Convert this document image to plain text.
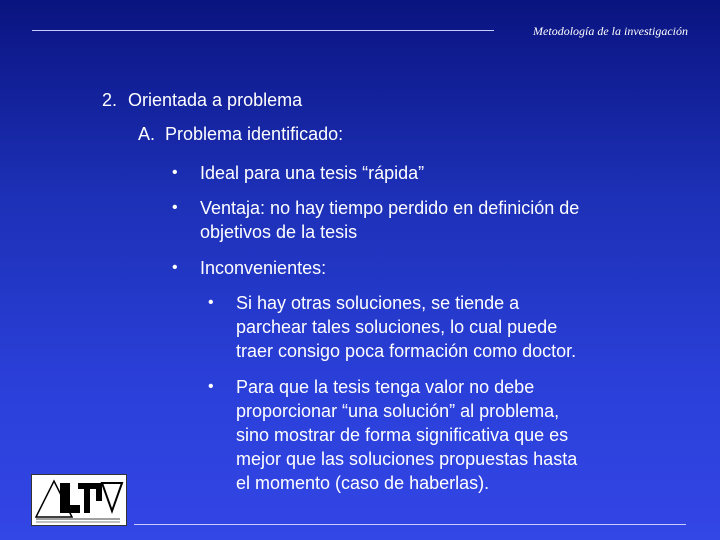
Metodología de la investigación
2. Orientada a problema
A. Problema identificado:
• Ideal para una tesis “rápida”
• Ventaja: no hay tiempo perdido en definición de
objetivos de la tesis
• Inconvenientes:
• Si hay otras soluciones, se tiende a
parchear tales soluciones, lo cual puede
traer consigo poca formación como doctor.
• Para que la tesis tenga valor no debe
proporcionar “una solución” al problema,
sino mostrar de forma significativa que es
mejor que las soluciones propuestas hasta
el momento (caso de haberlas).
